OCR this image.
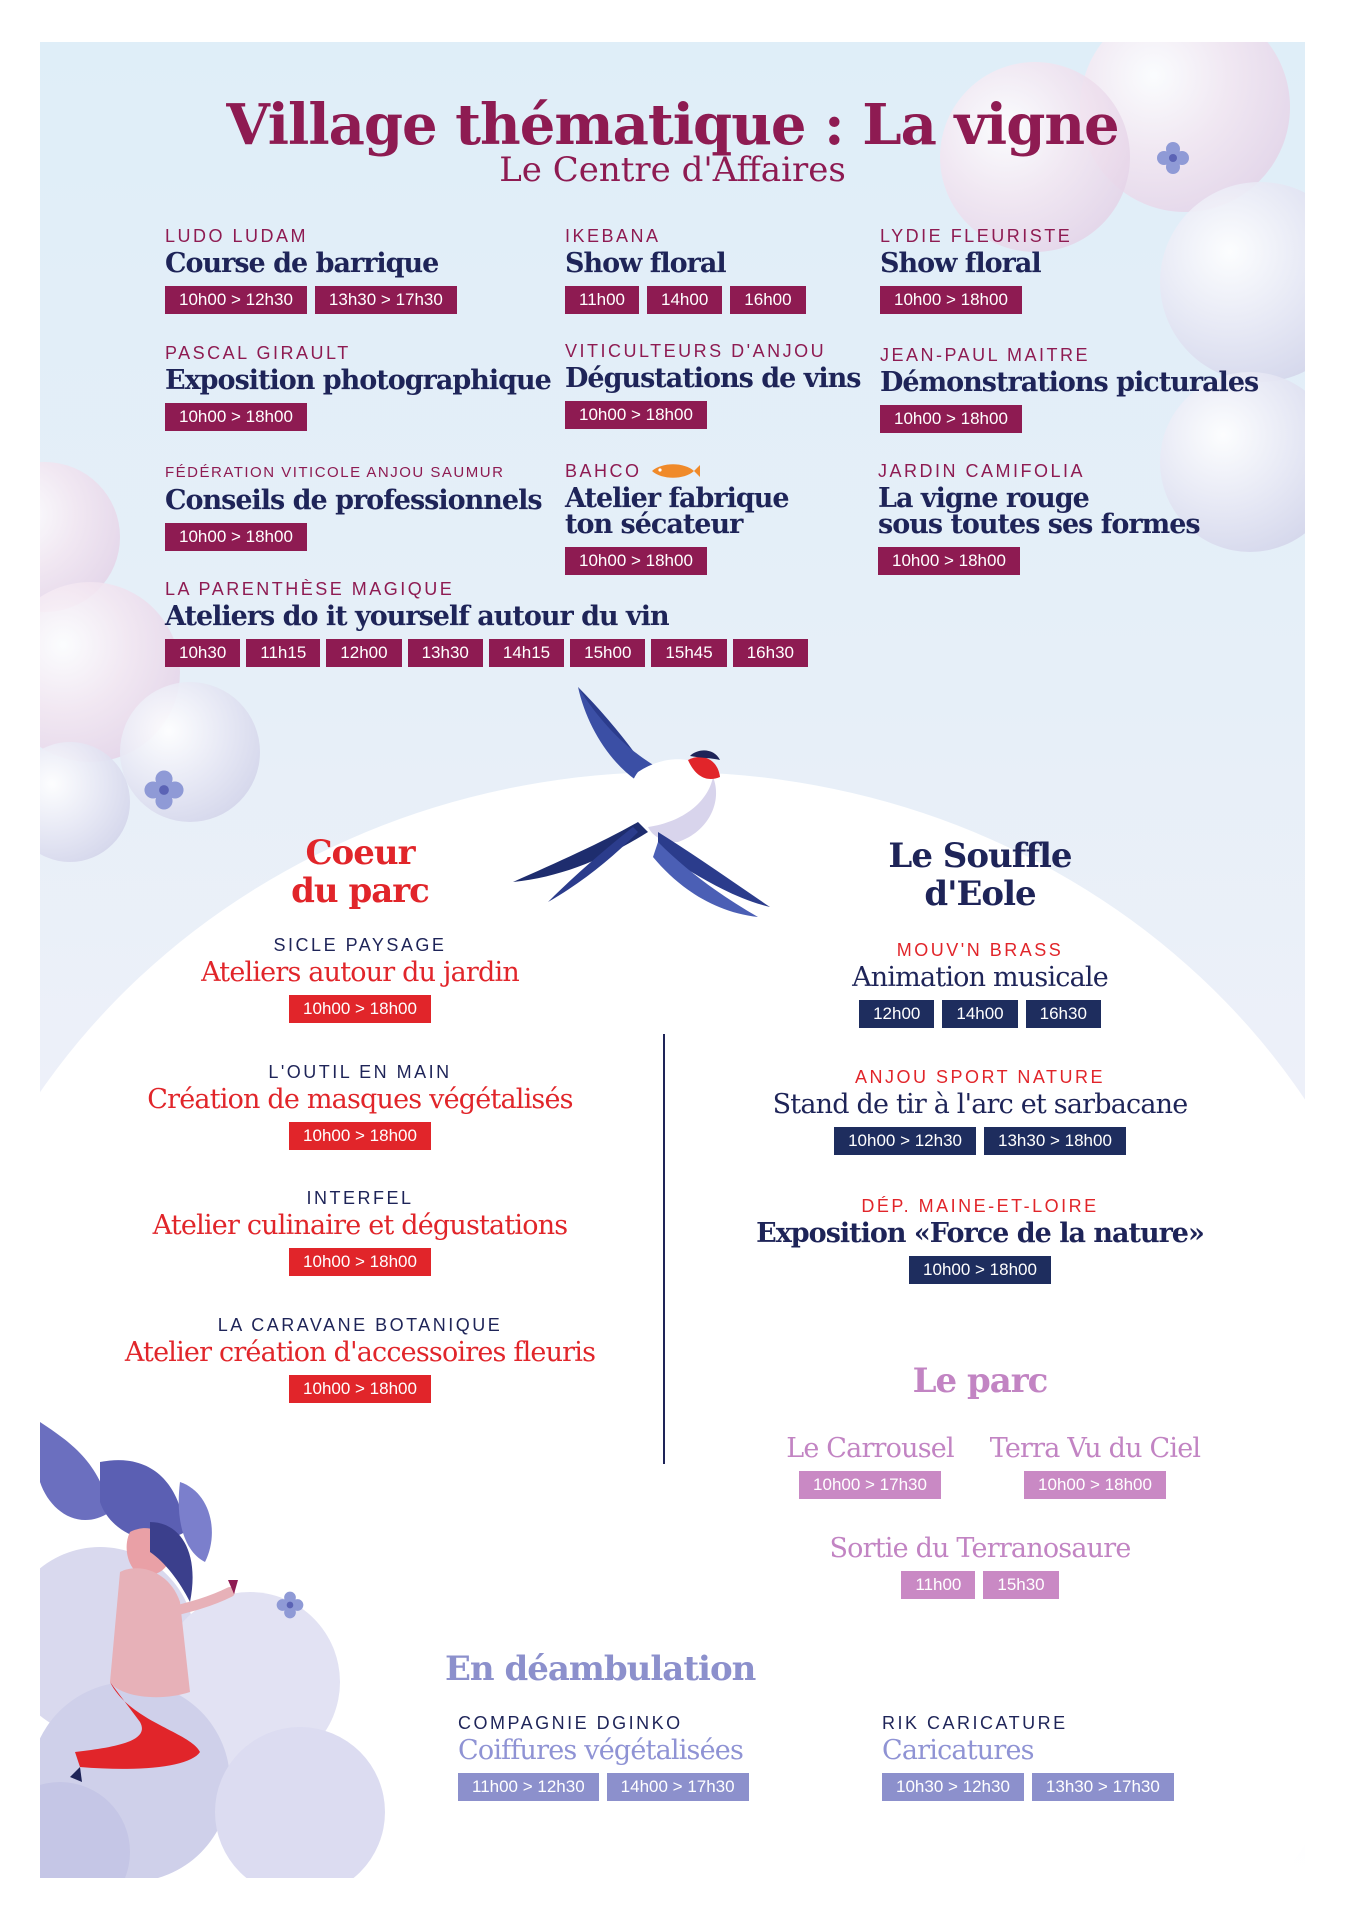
Village thématique : La vigne
Le Centre d'Affaires
LUDO LUDAM
Course de barrique
10h00 > 12h30	13h30 > 17h30
IKEBANA
Show floral
11h00	14h00	16h00
LYDIE FLEURISTE
Show floral
10h00 > 18h00
PASCAL GIRAULT
Exposition photographique
10h00 > 18h00
VITICULTEURS D'ANJOU
Dégustations de vins
10h00 > 18h00
JEAN-PAUL MAITRE
Démonstrations picturales
10h00 > 18h00
FÉDÉRATION VITICOLE ANJOU SAUMUR
Conseils de professionnels
10h00 > 18h00
BAHCO
Atelier fabrique
ton sécateur
10h00 > 18h00
JARDIN CAMIFOLIA
La vigne rouge
sous toutes ses formes
10h00 > 18h00
LA PARENTHÈSE MAGIQUE
Ateliers do it yourself autour du vin
10h30	11h15	12h00	13h30	14h15	15h00	15h45	16h30
Coeur
du parc
SICLE PAYSAGE
Ateliers autour du jardin
10h00 > 18h00
L'OUTIL EN MAIN
Création de masques végétalisés
10h00 > 18h00
INTERFEL
Atelier culinaire et dégustations
10h00 > 18h00
LA CARAVANE BOTANIQUE
Atelier création d'accessoires fleuris
10h00 > 18h00
Le Souffle
d'Eole
MOUV'N BRASS
Animation musicale
12h00	14h00	16h30
ANJOU SPORT NATURE
Stand de tir à l'arc et sarbacane
10h00 > 12h30	13h30 > 18h00
DÉP. MAINE-ET-LOIRE
Exposition «Force de la nature»
10h00 > 18h00
Le parc
Le Carrousel
10h00 > 17h30
Terra Vu du Ciel
10h00 > 18h00
Sortie du Terranosaure
11h00	15h30
En déambulation
COMPAGNIE DGINKO
Coiffures végétalisées
11h00 > 12h30	14h00 > 17h30
RIK CARICATURE
Caricatures
10h30 > 12h30	13h30 > 17h30
